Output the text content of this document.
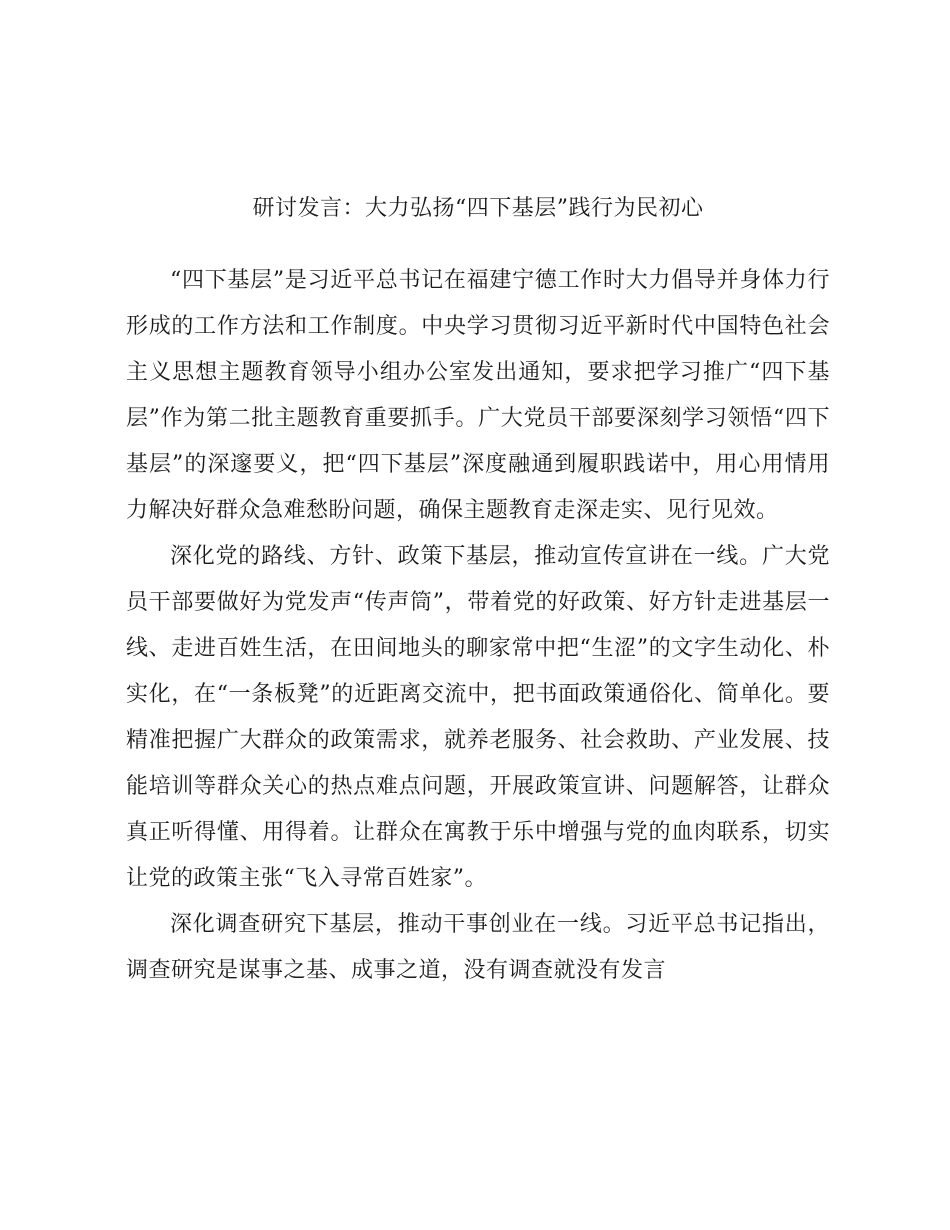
研讨发言：大力弘扬“四下基层”践行为民初心

“四下基层”是习近平总书记在福建宁德工作时大力倡导并身体力行形成的工作方法和工作制度。中央学习贯彻习近平新时代中国特色社会主义思想主题教育领导小组办公室发出通知，要求把学习推广“四下基层”作为第二批主题教育重要抓手。广大党员干部要深刻学习领悟“四下基层”的深邃要义，把“四下基层”深度融通到履职践诺中，用心用情用力解决好群众急难愁盼问题，确保主题教育走深走实、见行见效。

深化党的路线、方针、政策下基层，推动宣传宣讲在一线。广大党员干部要做好为党发声“传声筒”，带着党的好政策、好方针走进基层一线、走进百姓生活，在田间地头的聊家常中把“生涩”的文字生动化、朴实化，在“一条板凳”的近距离交流中，把书面政策通俗化、简单化。要精准把握广大群众的政策需求，就养老服务、社会救助、产业发展、技能培训等群众关心的热点难点问题，开展政策宣讲、问题解答，让群众真正听得懂、用得着。让群众在寓教于乐中增强与党的血肉联系，切实让党的政策主张“飞入寻常百姓家”。

深化调查研究下基层，推动干事创业在一线。习近平总书记指出，调查研究是谋事之基、成事之道，没有调查就没有发言
